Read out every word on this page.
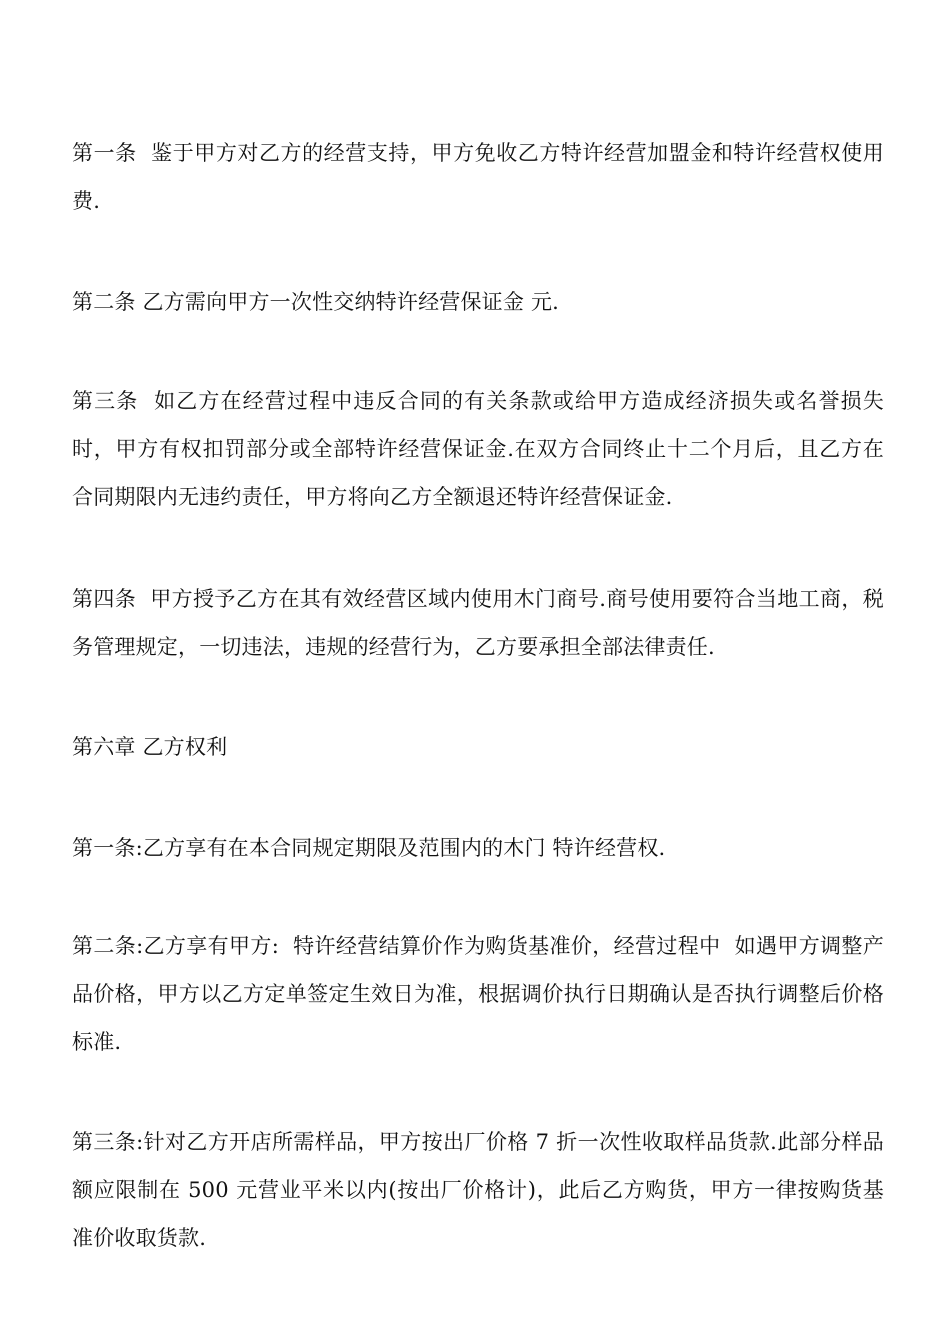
第一条  鉴于甲方对乙方的经营支持，甲方免收乙方特许经营加盟金和特许经营权使用费.

第二条 乙方需向甲方一次性交纳特许经营保证金 元.

第三条  如乙方在经营过程中违反合同的有关条款或给甲方造成经济损失或名誉损失时，甲方有权扣罚部分或全部特许经营保证金.在双方合同终止十二个月后，且乙方在合同期限内无违约责任，甲方将向乙方全额退还特许经营保证金.

第四条  甲方授予乙方在其有效经营区域内使用木门商号.商号使用要符合当地工商，税务管理规定，一切违法，违规的经营行为，乙方要承担全部法律责任.

第六章 乙方权利

第一条:乙方享有在本合同规定期限及范围内的木门 特许经营权.

第二条:乙方享有甲方:  特许经营结算价作为购货基准价，经营过程中  如遇甲方调整产品价格，甲方以乙方定单签定生效日为准，根据调价执行日期确认是否执行调整后价格标准.

第三条:针对乙方开店所需样品，甲方按出厂价格 7 折一次性收取样品货款.此部分样品额应限制在 500 元营业平米以内(按出厂价格计)，此后乙方购货，甲方一律按购货基准价收取货款.
